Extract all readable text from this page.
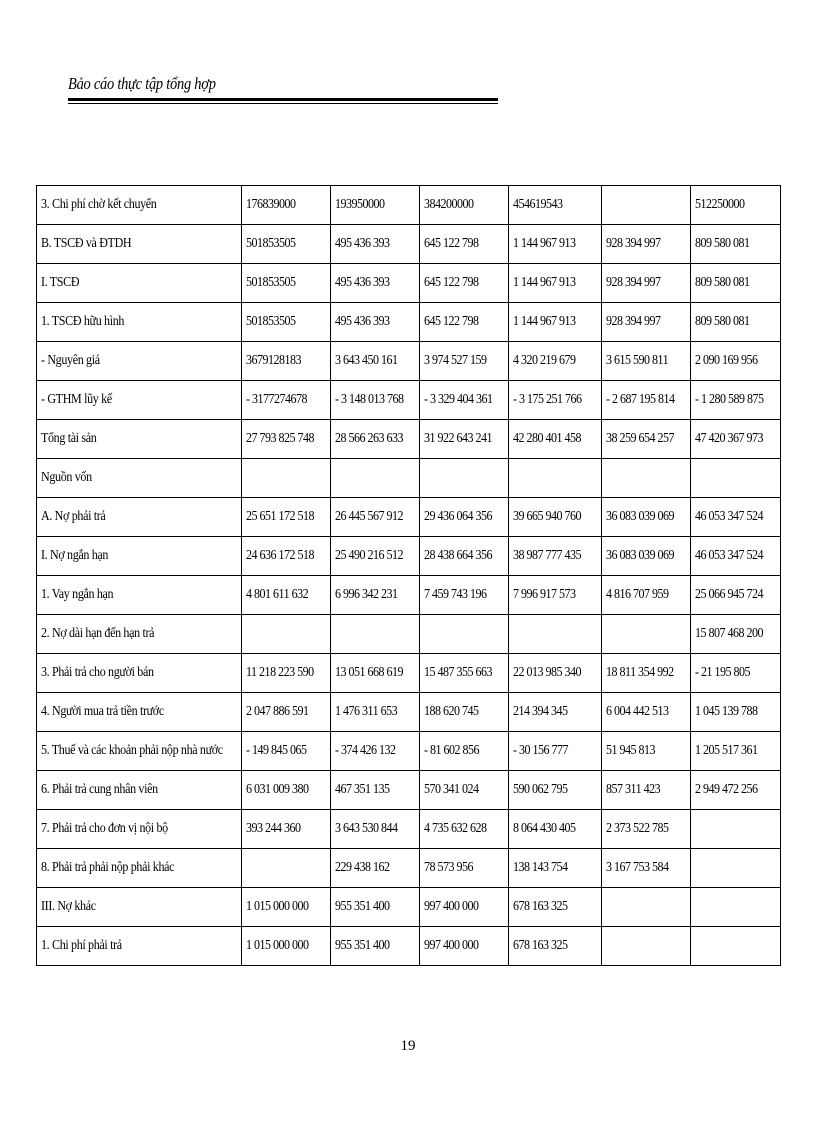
Bảo cáo thực tập tổng hợp
3. Chi phí chờ kết chuyển	176839000	193950000	384200000	454619543		512250000
B. TSCĐ và ĐTDH	501853505	495 436 393	645 122 798	1 144 967 913	928 394 997	809 580 081
I. TSCĐ	501853505	495 436 393	645 122 798	1 144 967 913	928 394 997	809 580 081
1. TSCĐ hữu hình	501853505	495 436 393	645 122 798	1 144 967 913	928 394 997	809 580 081
- Nguyên giá	3679128183	3 643 450 161	3 974 527 159	4 320 219 679	3 615 590 811	2 090 169 956
- GTHM lũy kế	- 3177274678	- 3 148 013 768	- 3 329 404 361	- 3 175 251 766	- 2 687 195 814	- 1 280 589 875
Tổng tài sản	27 793 825 748	28 566 263 633	31 922 643 241	42 280 401 458	38 259 654 257	47 420 367 973
Nguồn vốn						
A. Nợ phải trả	25 651 172 518	26 445 567 912	29 436 064 356	39 665 940 760	36 083 039 069	46 053 347 524
I. Nợ ngắn hạn	24 636 172 518	25 490 216 512	28 438 664 356	38 987 777 435	36 083 039 069	46 053 347 524
1. Vay ngắn hạn	4 801 611 632	6 996 342 231	7 459 743 196	7 996 917 573	4 816 707 959	25 066 945 724
2. Nợ dài hạn đến hạn trả						15 807 468 200
3. Phải trả cho người bán	11 218 223 590	13 051 668 619	15 487 355 663	22 013 985 340	18 811 354 992	- 21 195 805
4. Người mua trả tiền trước	2 047 886 591	1 476 311 653	188 620 745	214 394 345	6 004 442 513	1 045 139 788
5. Thuế và các khoản phải nộp nhà nước	- 149 845 065	- 374 426 132	- 81 602 856	- 30 156 777	51 945 813	1 205 517 361
6. Phải trả cung nhân viên	6 031 009 380	467 351 135	570 341 024	590 062 795	857 311 423	2 949 472 256
7. Phải trả cho đơn vị nội bộ	393 244 360	3 643 530 844	4 735 632 628	8 064 430 405	2 373 522 785	
8. Phải trả phải nộp phải khác		229 438 162	78 573 956	138 143 754	3 167 753 584	
III. Nợ khác	1 015 000 000	955 351 400	997 400 000	678 163 325		
1. Chi phí phải trả	1 015 000 000	955 351 400	997 400 000	678 163 325		
19
